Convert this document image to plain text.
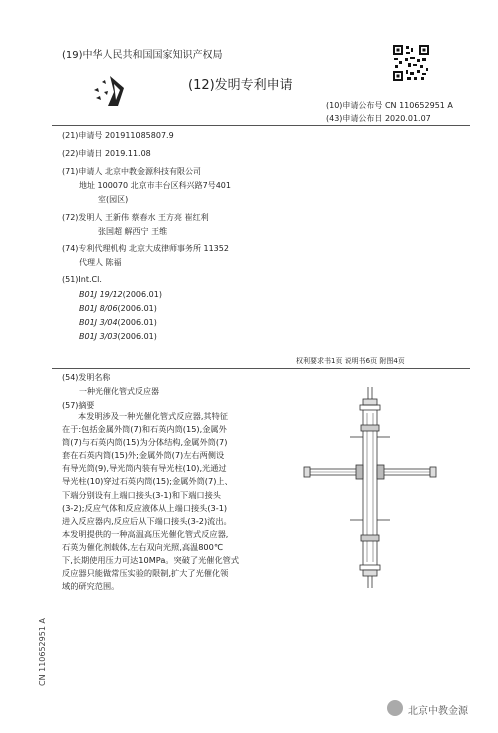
(19)中华人民共和国国家知识产权局
(12)发明专利申请
(10)申请公布号 CN 110652951 A
(43)申请公布日 2020.01.07
(21)申请号 201911085807.9
(22)申请日 2019.11.08
(71)申请人 北京中教金源科技有限公司
地址 100070 北京市丰台区科兴路7号401
室(园区)
(72)发明人 王新伟 蔡春水 王方亮 崔红利
张国超 解西宁 王维
(74)专利代理机构 北京大成律师事务所 11352
代理人 陈福
(51)Int.Cl.
B01J 19/12(2006.01)
B01J 8/06(2006.01)
B01J 3/04(2006.01)
B01J 3/03(2006.01)
权利要求书1页 说明书6页 附图4页
(54)发明名称
一种光催化管式反应器
(57)摘要
本发明涉及一种光催化管式反应器,其特征
在于:包括金属外筒(7)和石英内筒(15),金属外
筒(7)与石英内筒(15)为分体结构,金属外筒(7)
套在石英内筒(15)外;金属外筒(7)左右两侧设
有导光筒(9),导光筒内装有导光柱(10),光通过
导光柱(10)穿过石英内筒(15);金属外筒(7)上、
下端分别设有上端口接头(3-1)和下端口接头
(3-2);反应气体和反应液体从上端口接头(3-1)
进入反应器内,反应后从下端口接头(3-2)流出。
本发明提供的一种高温高压光催化管式反应器,
石英为催化剂载体,左右双向光照,高温800℃
下,长期使用压力可达10MPa。突破了光催化管式
反应器只能做常压实验的限制,扩大了光催化领
域的研究范围。
CN 110652951 A
北京中教金源
